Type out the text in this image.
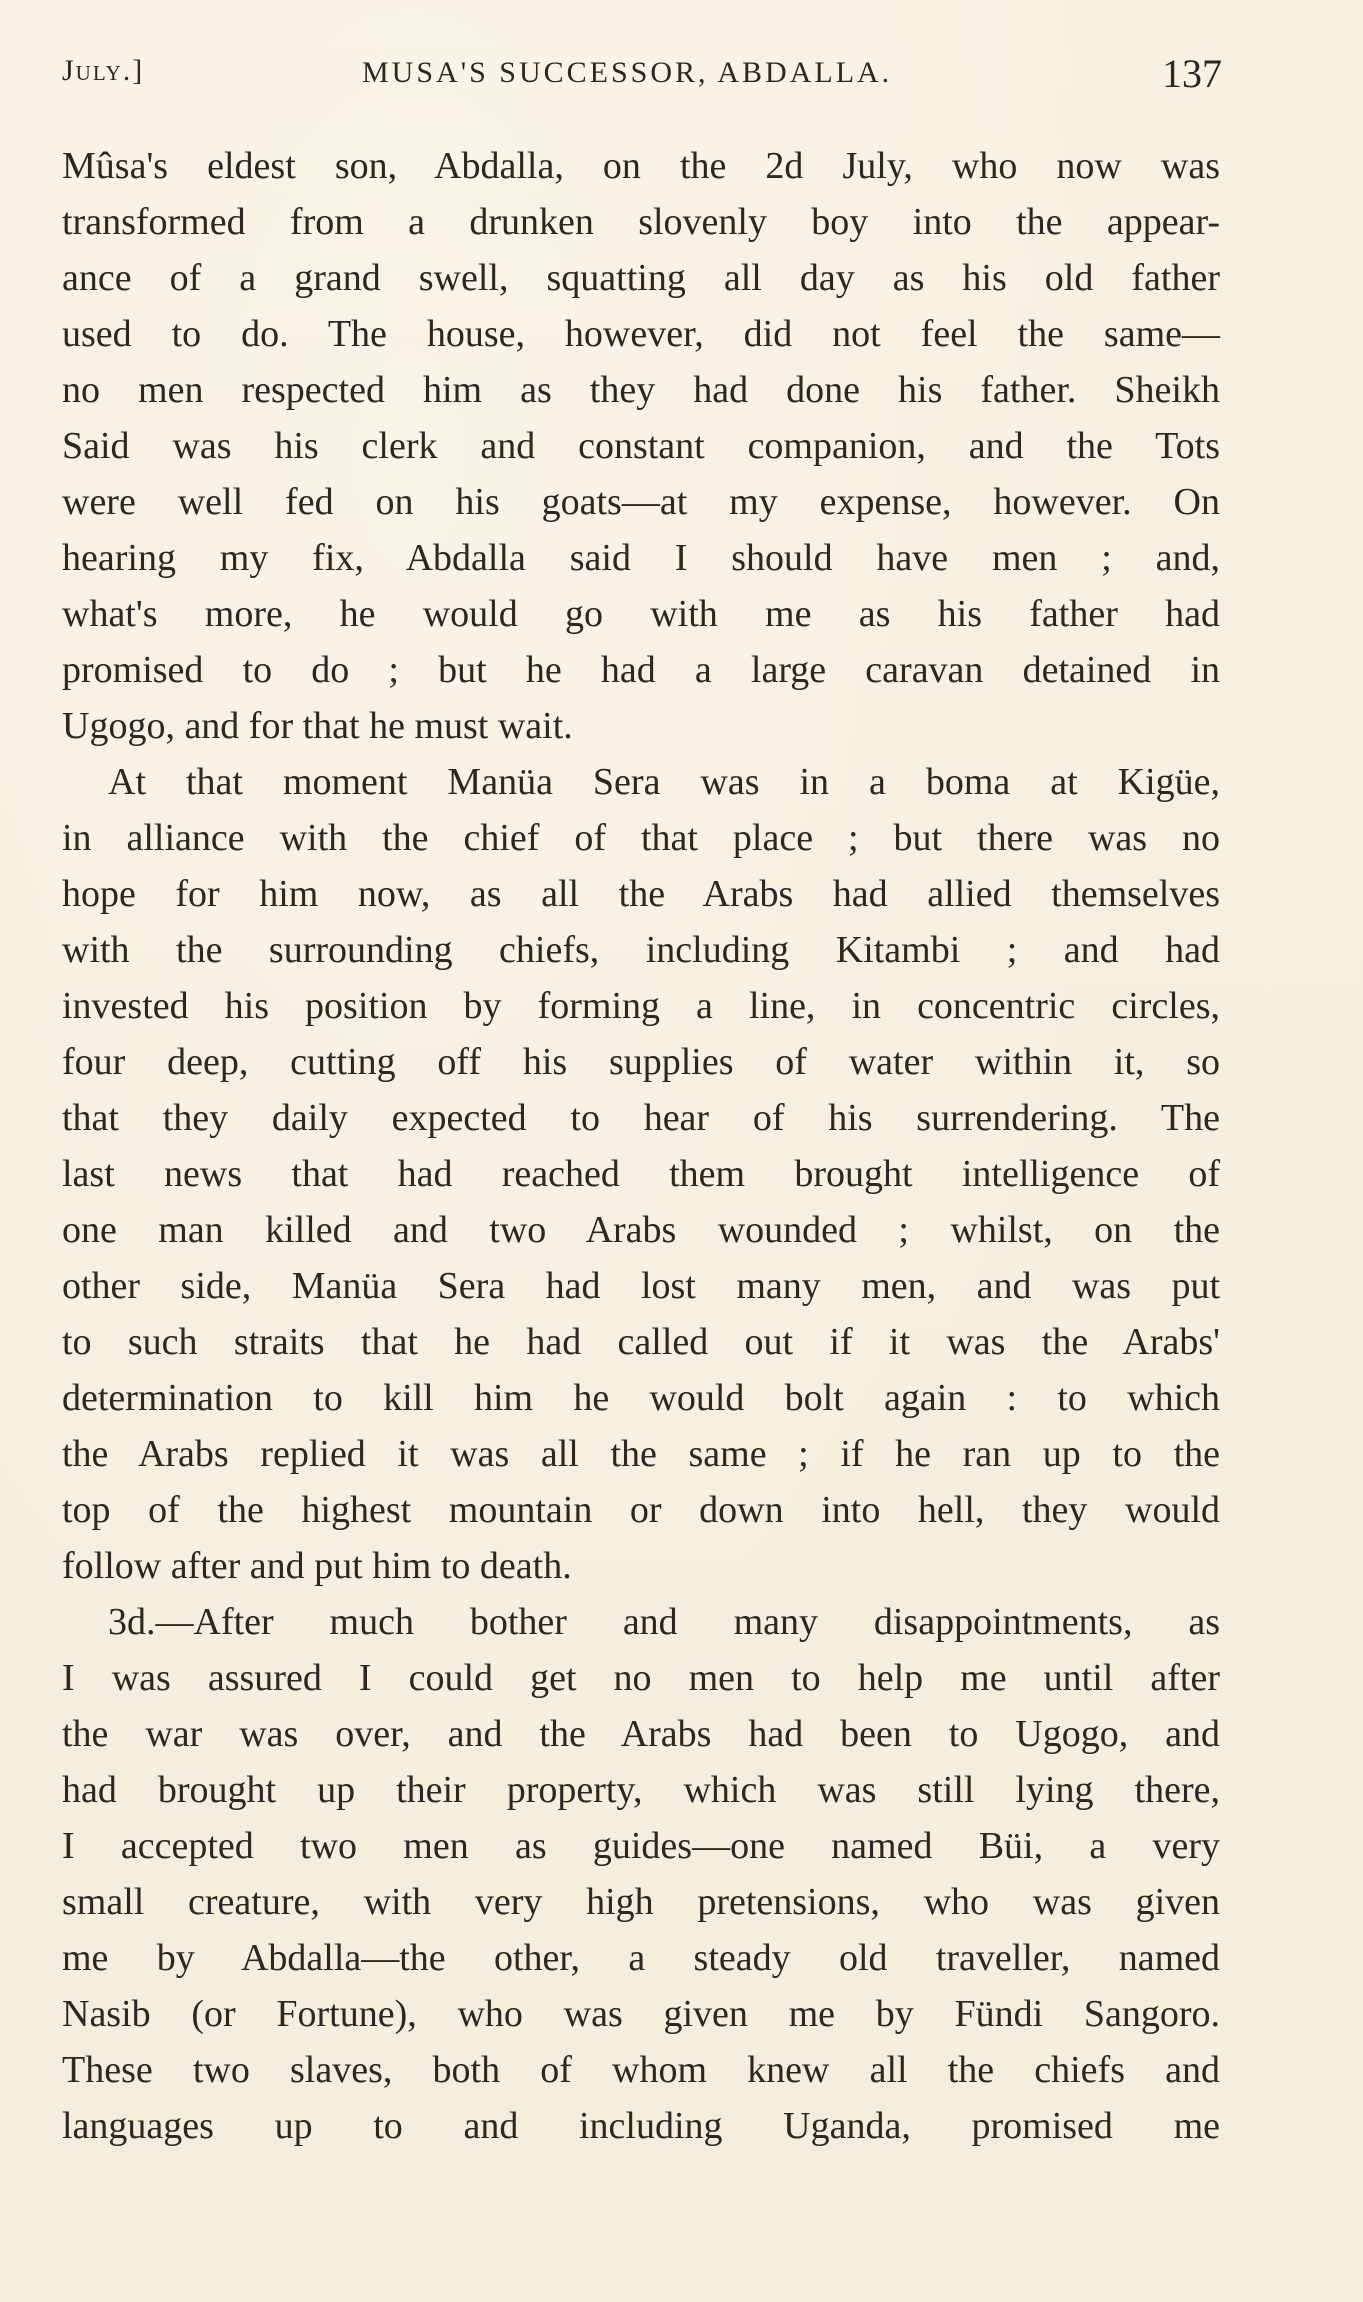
July.]	MUSA'S SUCCESSOR, ABDALLA.	137
Mûsa's eldest son, Abdalla, on the 2d July, who now was
transformed from a drunken slovenly boy into the appear-
ance of a grand swell, squatting all day as his old father
used to do. The house, however, did not feel the same—
no men respected him as they had done his father. Sheikh
Said was his clerk and constant companion, and the Tots
were well fed on his goats—at my expense, however. On
hearing my fix, Abdalla said I should have men ; and,
what's more, he would go with me as his father had
promised to do ; but he had a large caravan detained in
Ugogo, and for that he must wait.
At that moment Manüa Sera was in a boma at Kigüe,
in alliance with the chief of that place ; but there was no
hope for him now, as all the Arabs had allied themselves
with the surrounding chiefs, including Kitambi ; and had
invested his position by forming a line, in concentric circles,
four deep, cutting off his supplies of water within it, so
that they daily expected to hear of his surrendering. The
last news that had reached them brought intelligence of
one man killed and two Arabs wounded ; whilst, on the
other side, Manüa Sera had lost many men, and was put
to such straits that he had called out if it was the Arabs'
determination to kill him he would bolt again : to which
the Arabs replied it was all the same ; if he ran up to the
top of the highest mountain or down into hell, they would
follow after and put him to death.
3d.—After much bother and many disappointments, as
I was assured I could get no men to help me until after
the war was over, and the Arabs had been to Ugogo, and
had brought up their property, which was still lying there,
I accepted two men as guides—one named Büi, a very
small creature, with very high pretensions, who was given
me by Abdalla—the other, a steady old traveller, named
Nasib (or Fortune), who was given me by Fündi Sangoro.
These two slaves, both of whom knew all the chiefs and
languages up to and including Uganda, promised me
